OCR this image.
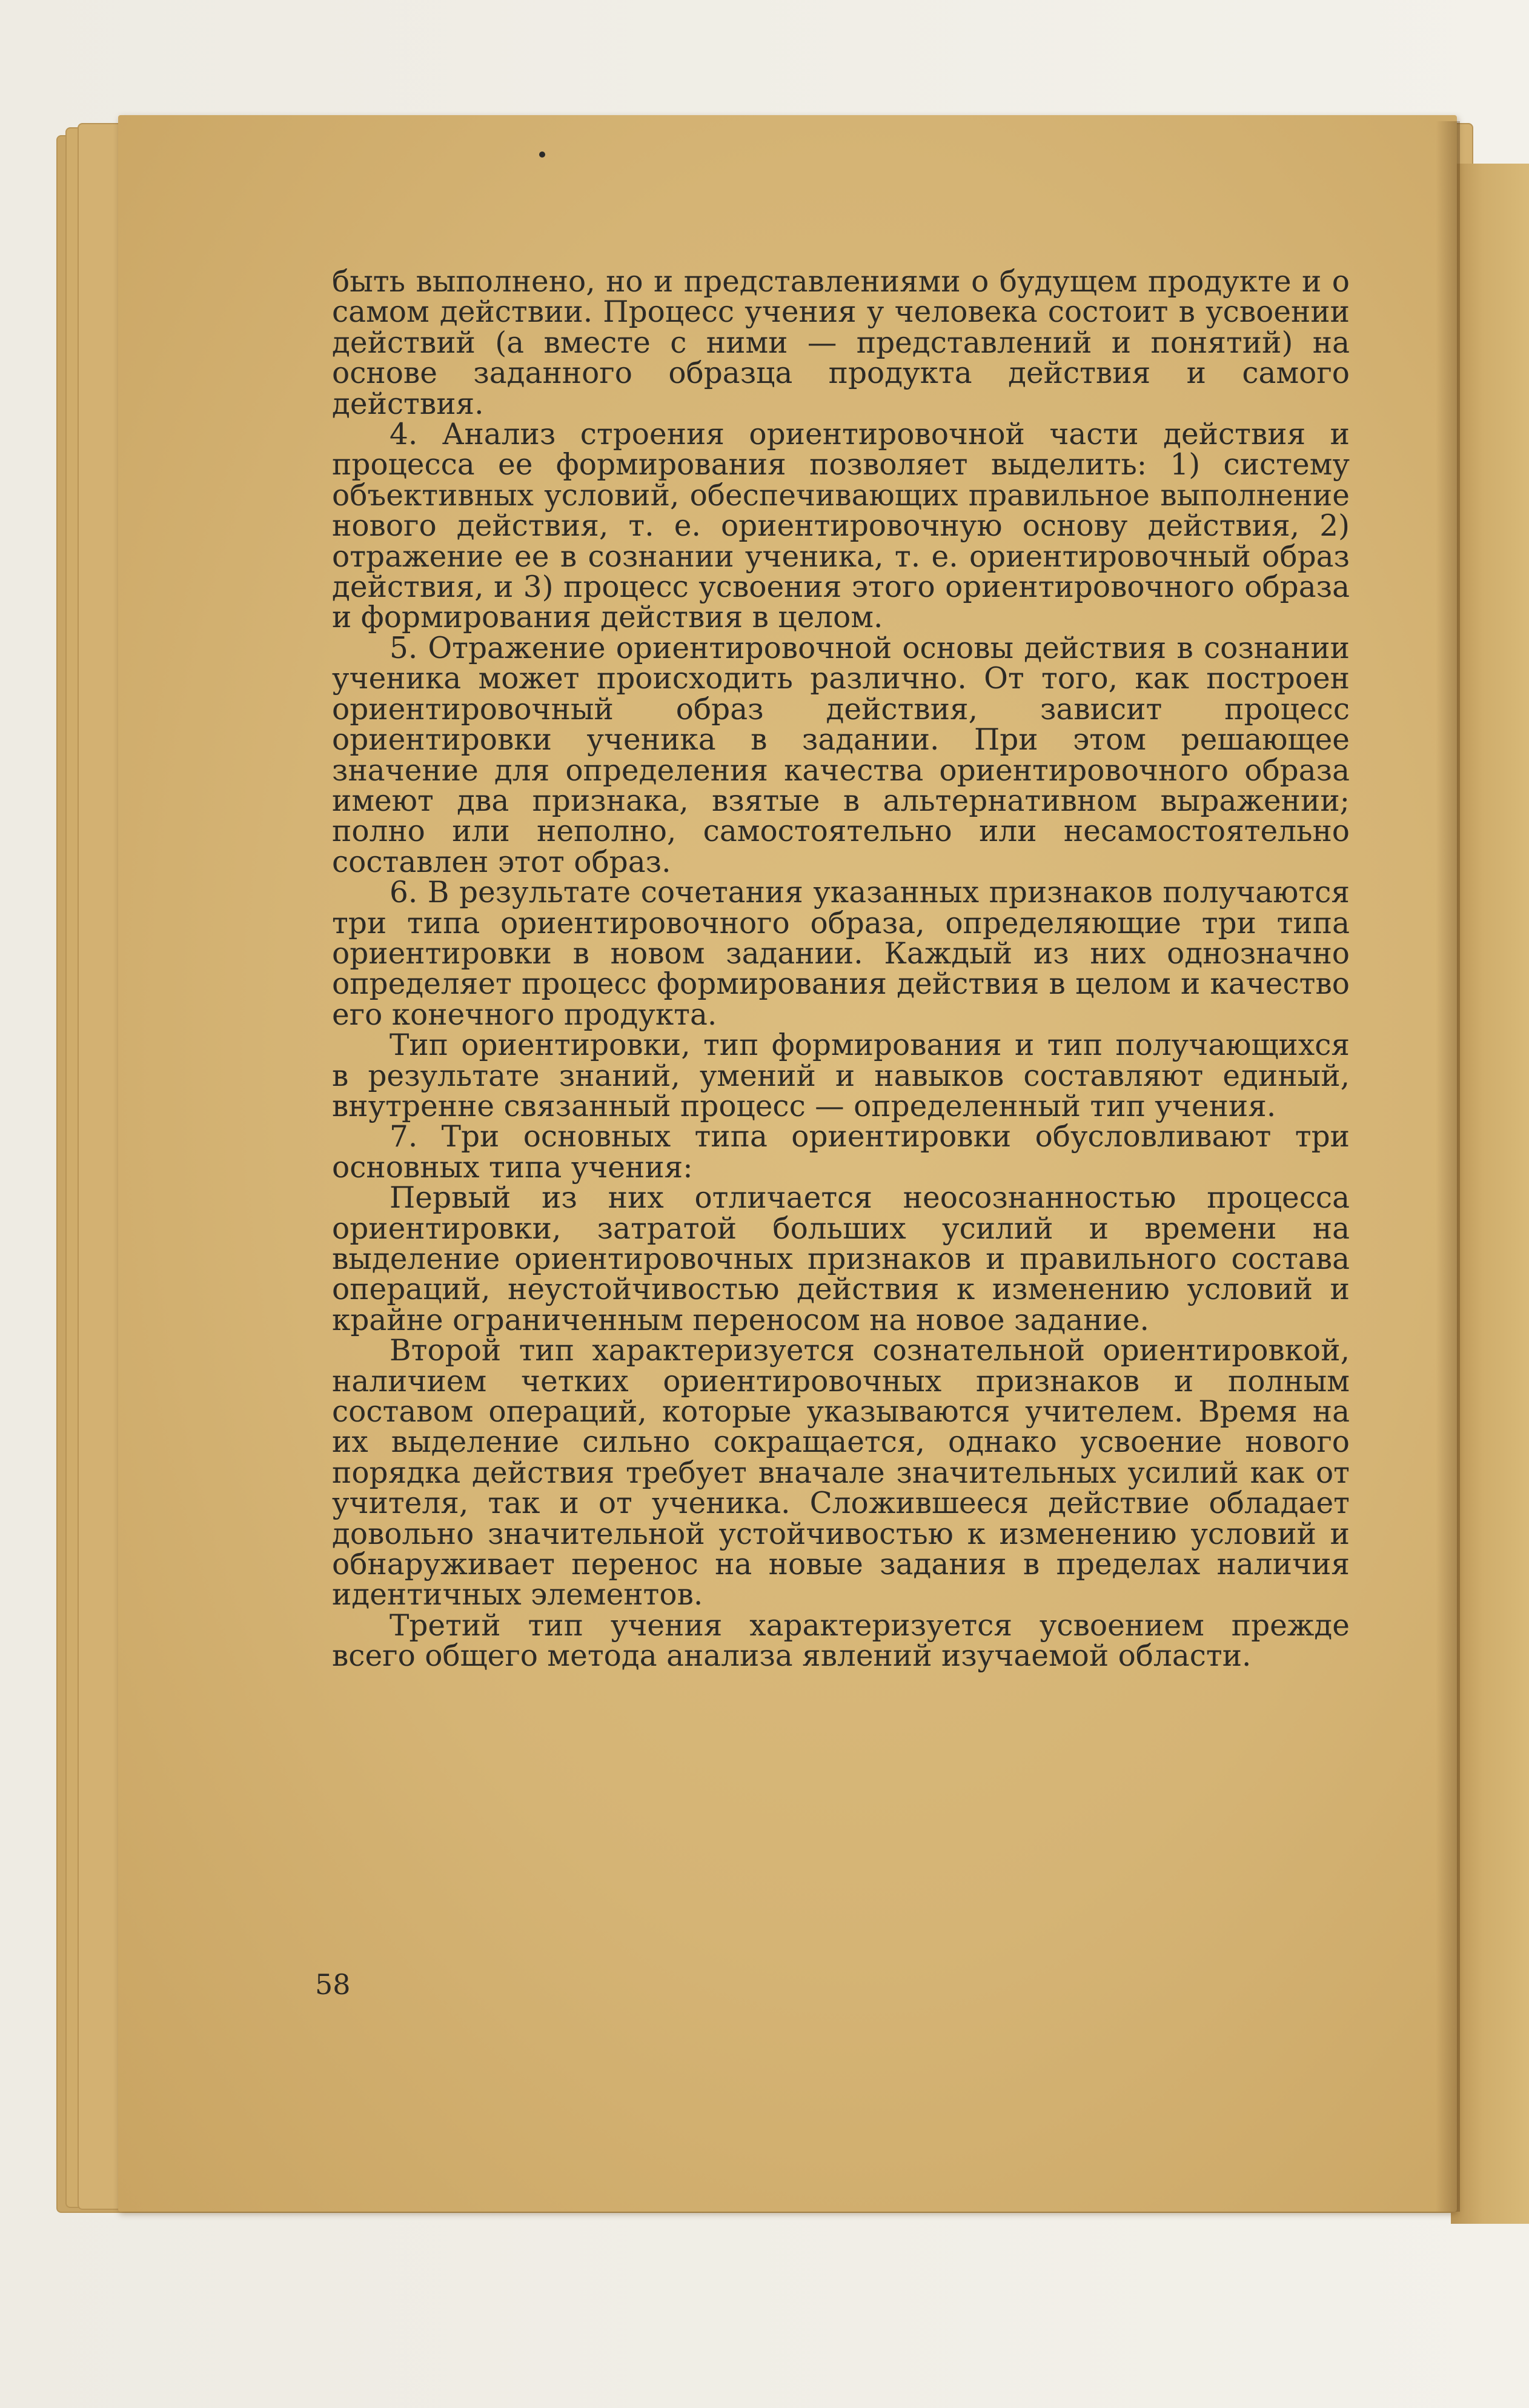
быть выполнено, но и представлениями о будущем продукте и о самом действии. Процесс учения у человека состоит в усвоении действий (а вместе с ними — представлений и понятий) на основе заданного образца продукта действия и самого действия.

4. Анализ строения ориентировочной части действия и процесса ее формирования позволяет выделить: 1) систему объективных условий, обеспечивающих правильное выполнение нового действия, т. е. ориентировочную основу действия, 2) отражение ее в сознании ученика, т. е. ориентировочный образ действия, и 3) процесс усвоения этого ориентировочного образа и формирования действия в целом.

5. Отражение ориентировочной основы действия в сознании ученика может происходить различно. От того, как построен ориентировочный образ действия, зависит процесс ориентировки ученика в задании. При этом решающее значение для определения качества ориентировочного образа имеют два признака, взятые в альтернативном выражении; полно или неполно, самостоятельно или несамостоятельно составлен этот образ.

6. В результате сочетания указанных признаков получаются три типа ориентировочного образа, определяющие три типа ориентировки в новом задании. Каждый из них однозначно определяет процесс формирования действия в целом и качество его конечного продукта.

Тип ориентировки, тип формирования и тип получающихся в результате знаний, умений и навыков составляют единый, внутренне связанный процесс — определенный тип учения.

7. Три основных типа ориентировки обусловливают три основных типа учения:

Первый из них отличается неосознанностью процесса ориентировки, затратой больших усилий и времени на выделение ориентировочных признаков и правильного состава операций, неустойчивостью действия к изменению условий и крайне ограниченным переносом на новое задание.

Второй тип характеризуется сознательной ориентировкой, наличием четких ориентировочных признаков и полным составом операций, которые указываются учителем. Время на их выделение сильно сокращается, однако усвоение нового порядка действия требует вначале значительных усилий как от учителя, так и от ученика. Сложившееся действие обладает довольно значительной устойчивостью к изменению условий и обнаруживает перенос на новые задания в пределах наличия идентичных элементов.

Третий тип учения характеризуется усвоением прежде всего общего метода анализа явлений изучаемой области.

58
